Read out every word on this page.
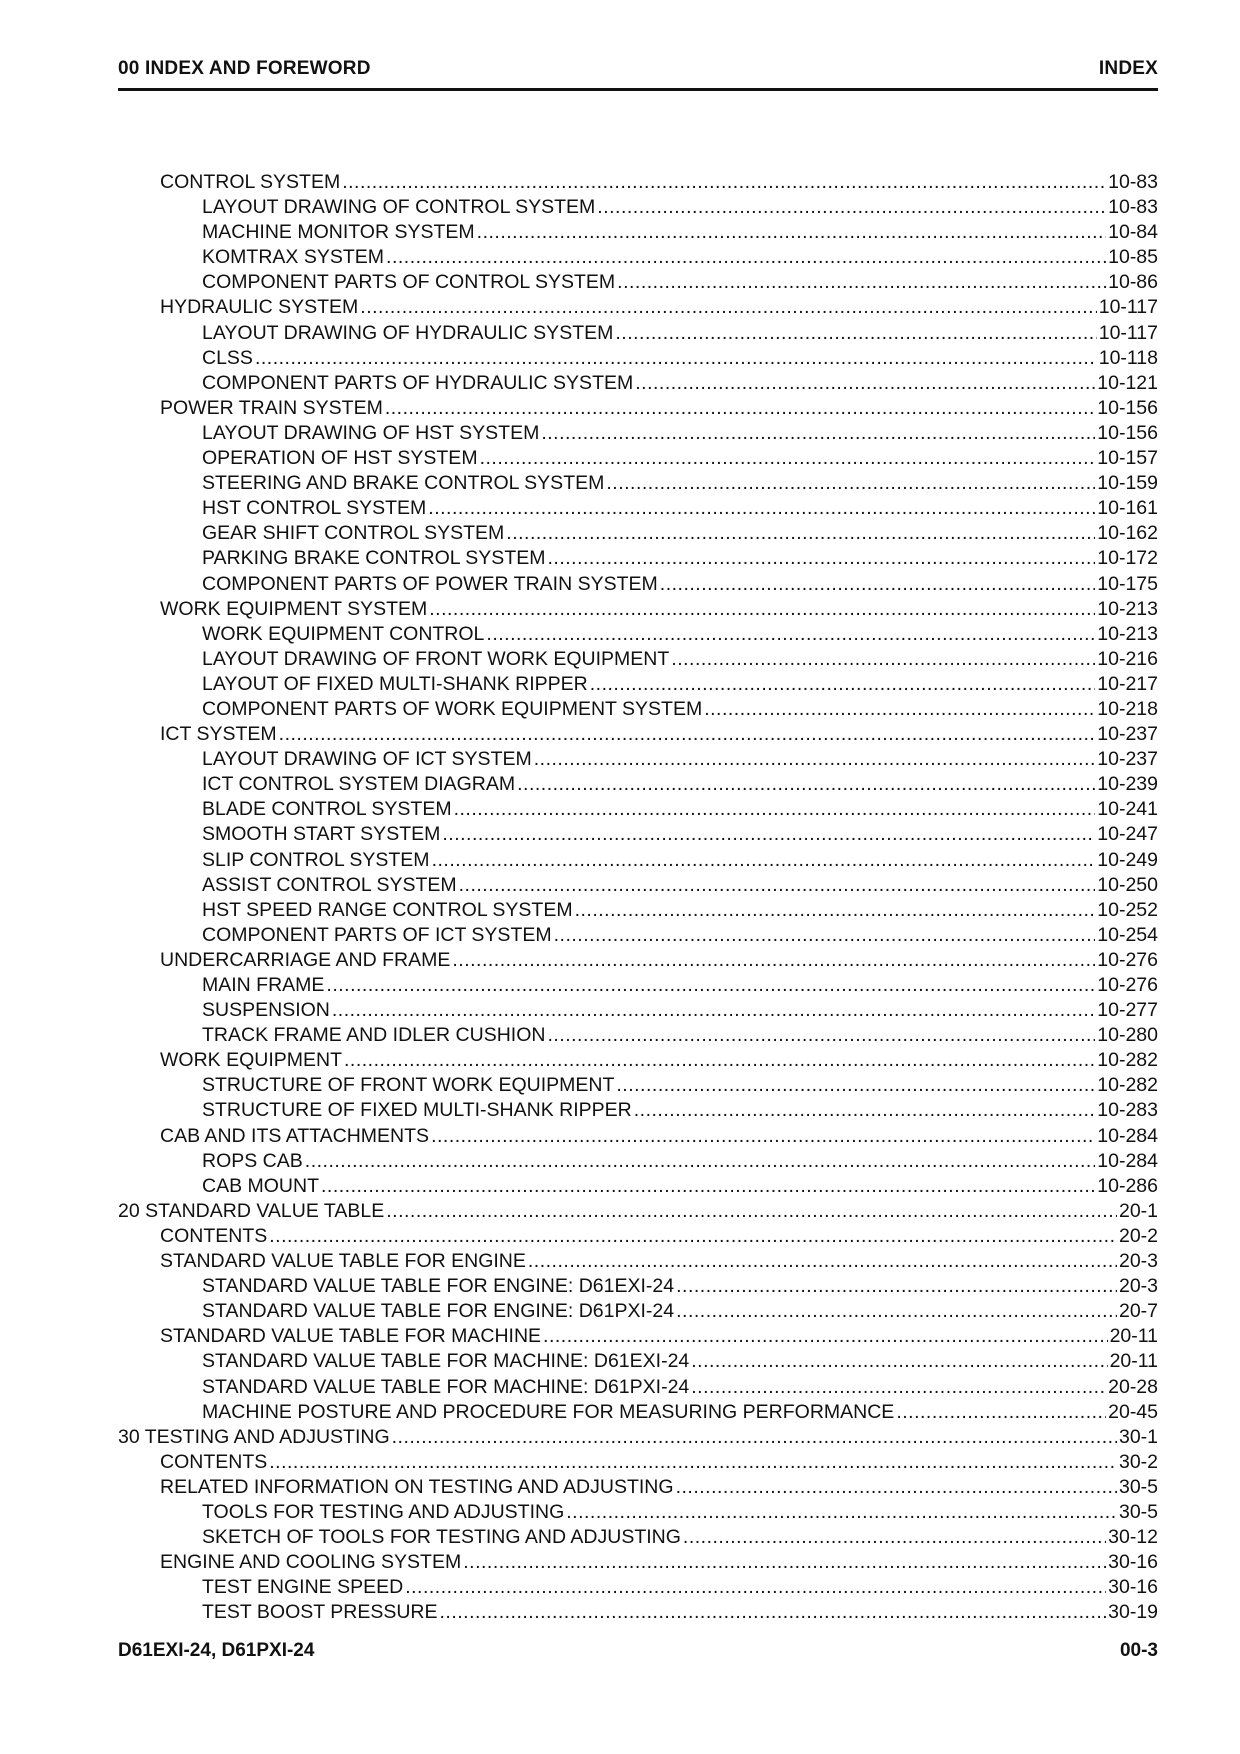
00 INDEX AND FOREWORD	INDEX
CONTROL SYSTEM .....	10-83
LAYOUT DRAWING OF CONTROL SYSTEM .....	10-83
MACHINE MONITOR SYSTEM .....	10-84
KOMTRAX SYSTEM .....	10-85
COMPONENT PARTS OF CONTROL SYSTEM .....	10-86
HYDRAULIC SYSTEM .....	10-117
LAYOUT DRAWING OF HYDRAULIC SYSTEM .....	10-117
CLSS .....	10-118
COMPONENT PARTS OF HYDRAULIC SYSTEM .....	10-121
POWER TRAIN SYSTEM .....	10-156
LAYOUT DRAWING OF HST SYSTEM .....	10-156
OPERATION OF HST SYSTEM .....	10-157
STEERING AND BRAKE CONTROL SYSTEM .....	10-159
HST CONTROL SYSTEM .....	10-161
GEAR SHIFT CONTROL SYSTEM .....	10-162
PARKING BRAKE CONTROL SYSTEM .....	10-172
COMPONENT PARTS OF POWER TRAIN SYSTEM .....	10-175
WORK EQUIPMENT SYSTEM .....	10-213
WORK EQUIPMENT CONTROL .....	10-213
LAYOUT DRAWING OF FRONT WORK EQUIPMENT .....	10-216
LAYOUT OF FIXED MULTI-SHANK RIPPER .....	10-217
COMPONENT PARTS OF WORK EQUIPMENT SYSTEM .....	10-218
ICT SYSTEM .....	10-237
LAYOUT DRAWING OF ICT SYSTEM .....	10-237
ICT CONTROL SYSTEM DIAGRAM .....	10-239
BLADE CONTROL SYSTEM .....	10-241
SMOOTH START SYSTEM .....	10-247
SLIP CONTROL SYSTEM .....	10-249
ASSIST CONTROL SYSTEM .....	10-250
HST SPEED RANGE CONTROL SYSTEM .....	10-252
COMPONENT PARTS OF ICT SYSTEM .....	10-254
UNDERCARRIAGE AND FRAME .....	10-276
MAIN FRAME .....	10-276
SUSPENSION .....	10-277
TRACK FRAME AND IDLER CUSHION .....	10-280
WORK EQUIPMENT .....	10-282
STRUCTURE OF FRONT WORK EQUIPMENT .....	10-282
STRUCTURE OF FIXED MULTI-SHANK RIPPER .....	10-283
CAB AND ITS ATTACHMENTS .....	10-284
ROPS CAB .....	10-284
CAB MOUNT .....	10-286
20 STANDARD VALUE TABLE .....	20-1
CONTENTS .....	20-2
STANDARD VALUE TABLE FOR ENGINE .....	20-3
STANDARD VALUE TABLE FOR ENGINE: D61EXI-24 .....	20-3
STANDARD VALUE TABLE FOR ENGINE: D61PXI-24 .....	20-7
STANDARD VALUE TABLE FOR MACHINE .....	20-11
STANDARD VALUE TABLE FOR MACHINE: D61EXI-24 .....	20-11
STANDARD VALUE TABLE FOR MACHINE: D61PXI-24 .....	20-28
MACHINE POSTURE AND PROCEDURE FOR MEASURING PERFORMANCE .....	20-45
30 TESTING AND ADJUSTING .....	30-1
CONTENTS .....	30-2
RELATED INFORMATION ON TESTING AND ADJUSTING .....	30-5
TOOLS FOR TESTING AND ADJUSTING .....	30-5
SKETCH OF TOOLS FOR TESTING AND ADJUSTING .....	30-12
ENGINE AND COOLING SYSTEM .....	30-16
TEST ENGINE SPEED .....	30-16
TEST BOOST PRESSURE .....	30-19
D61EXI-24, D61PXI-24	00-3
